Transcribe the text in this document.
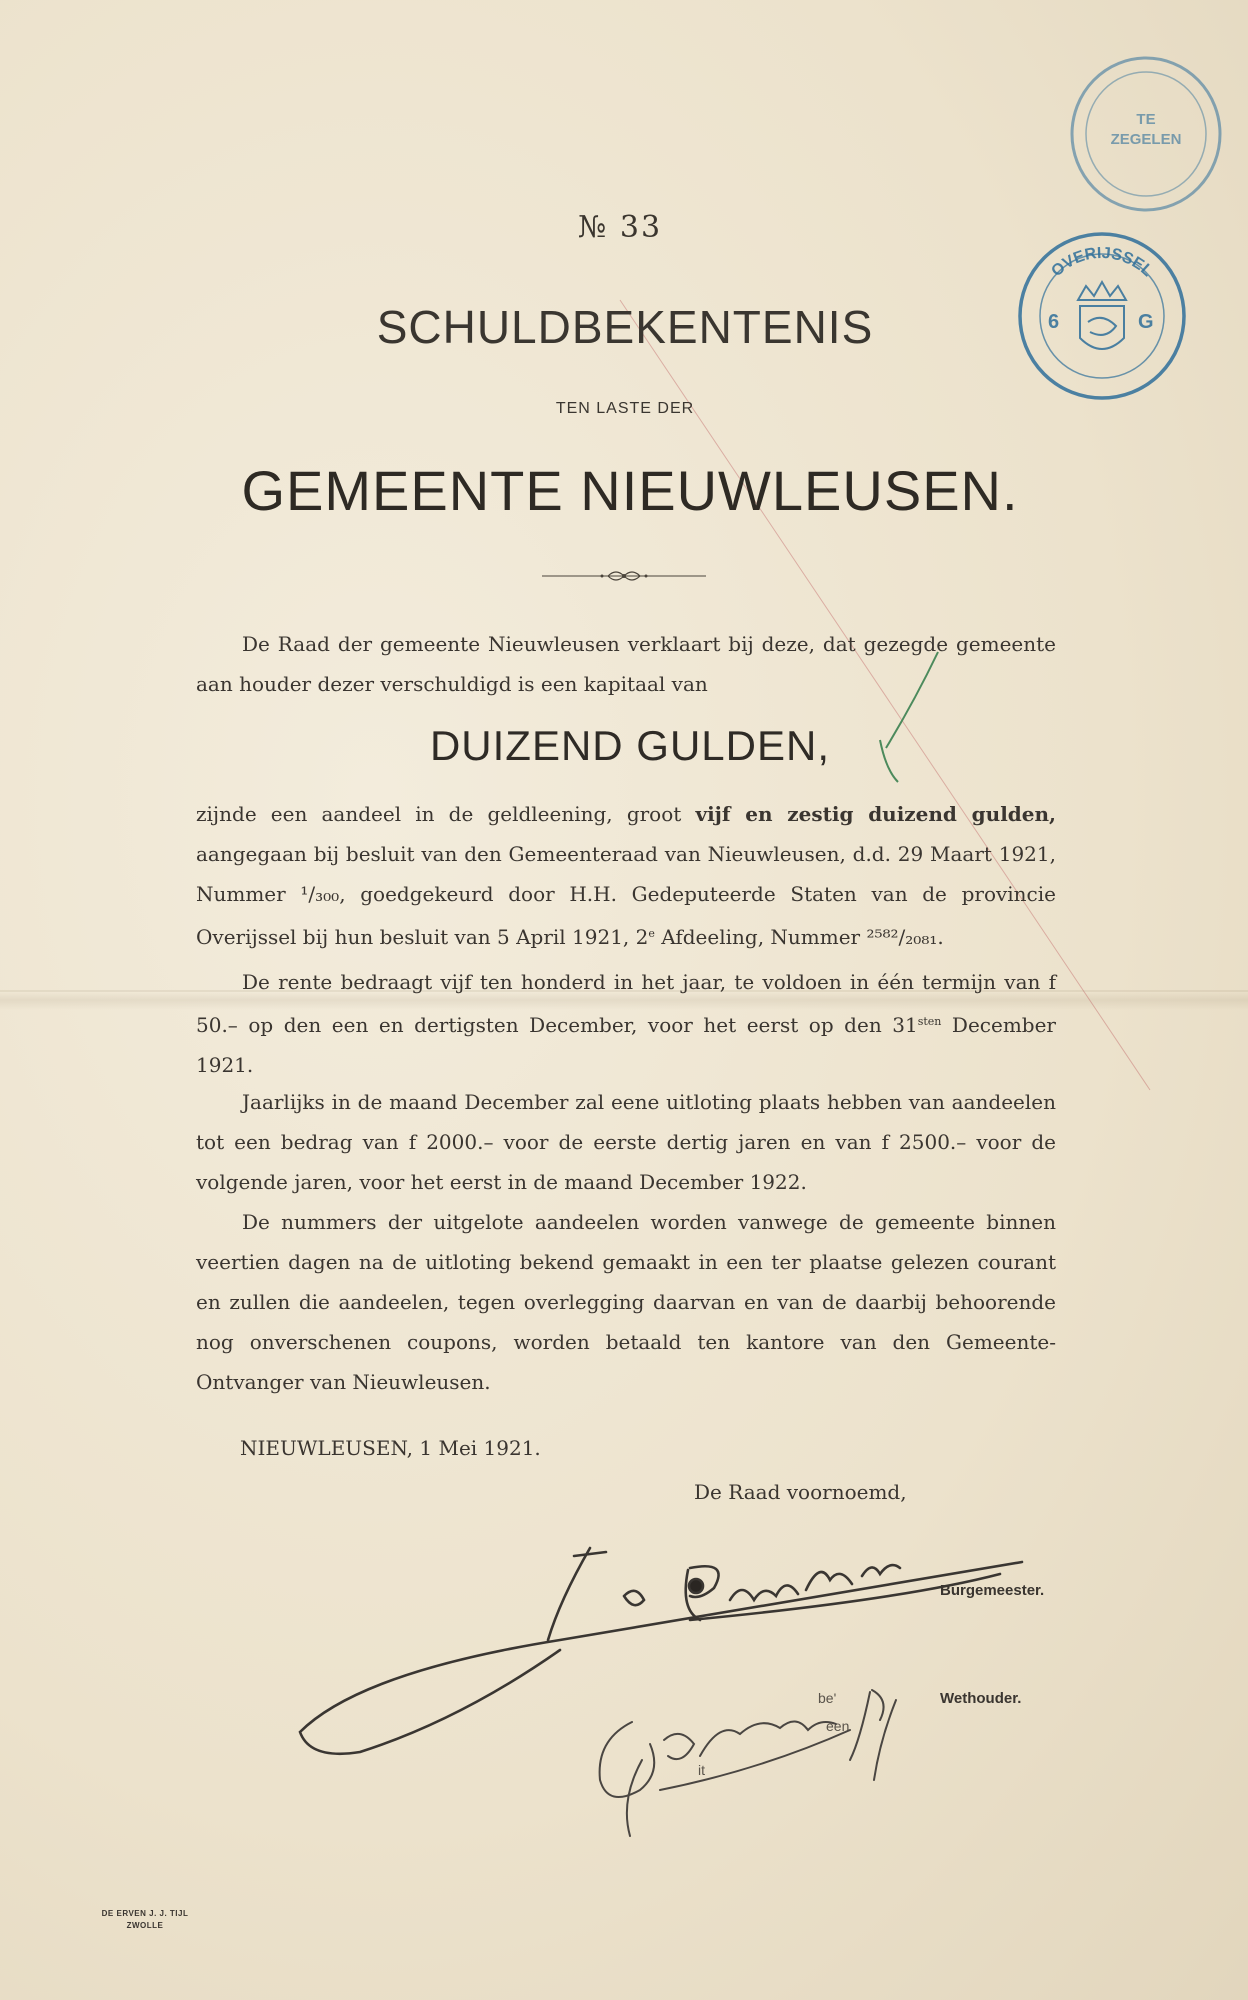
TE
ZEGELEN
OVERIJSSEL
6	G
№ 33
SCHULDBEKENTENIS
TEN LASTE DER
GEMEENTE NIEUWLEUSEN.
De Raad der gemeente Nieuwleusen verklaart bij deze, dat gezegde gemeente aan houder dezer verschuldigd is een kapitaal van
DUIZEND GULDEN,
zijnde een aandeel in de geldleening, groot vijf en zestig duizend gulden, aangegaan bij besluit van den Gemeenteraad van Nieuwleusen, d.d. 29 Maart 1921, Nummer ¹/₃₀₀, goedgekeurd door H.H. Gedeputeerde Staten van de provincie Overijssel bij hun besluit van 5 April 1921, 2e Afdeeling, Nummer ²⁵⁸²/₂₀₈₁.
De rente bedraagt vijf ten honderd in het jaar, te voldoen in één termijn van f 50.– op den een en dertigsten December, voor het eerst op den $31^{sten}$ December 1921.
Jaarlijks in de maand December zal eene uitloting plaats hebben van aandeelen tot een bedrag van f 2000.– voor de eerste dertig jaren en van f 2500.– voor de volgende jaren, voor het eerst in de maand December 1922.
De nummers der uitgelote aandeelen worden vanwege de gemeente binnen veertien dagen na de uitloting bekend gemaakt in een ter plaatse gelezen courant en zullen die aandeelen, tegen overlegging daarvan en van de daarbij behoorende nog onverschenen coupons, worden betaald ten kantore van den Gemeente-Ontvanger van Nieuwleusen.
NIEUWLEUSEN, 1 Mei 1921.
De Raad voornoemd,
Burgemeester.
Wethouder.
be'
een
it
DE ERVEN J. J. TIJL
ZWOLLE
